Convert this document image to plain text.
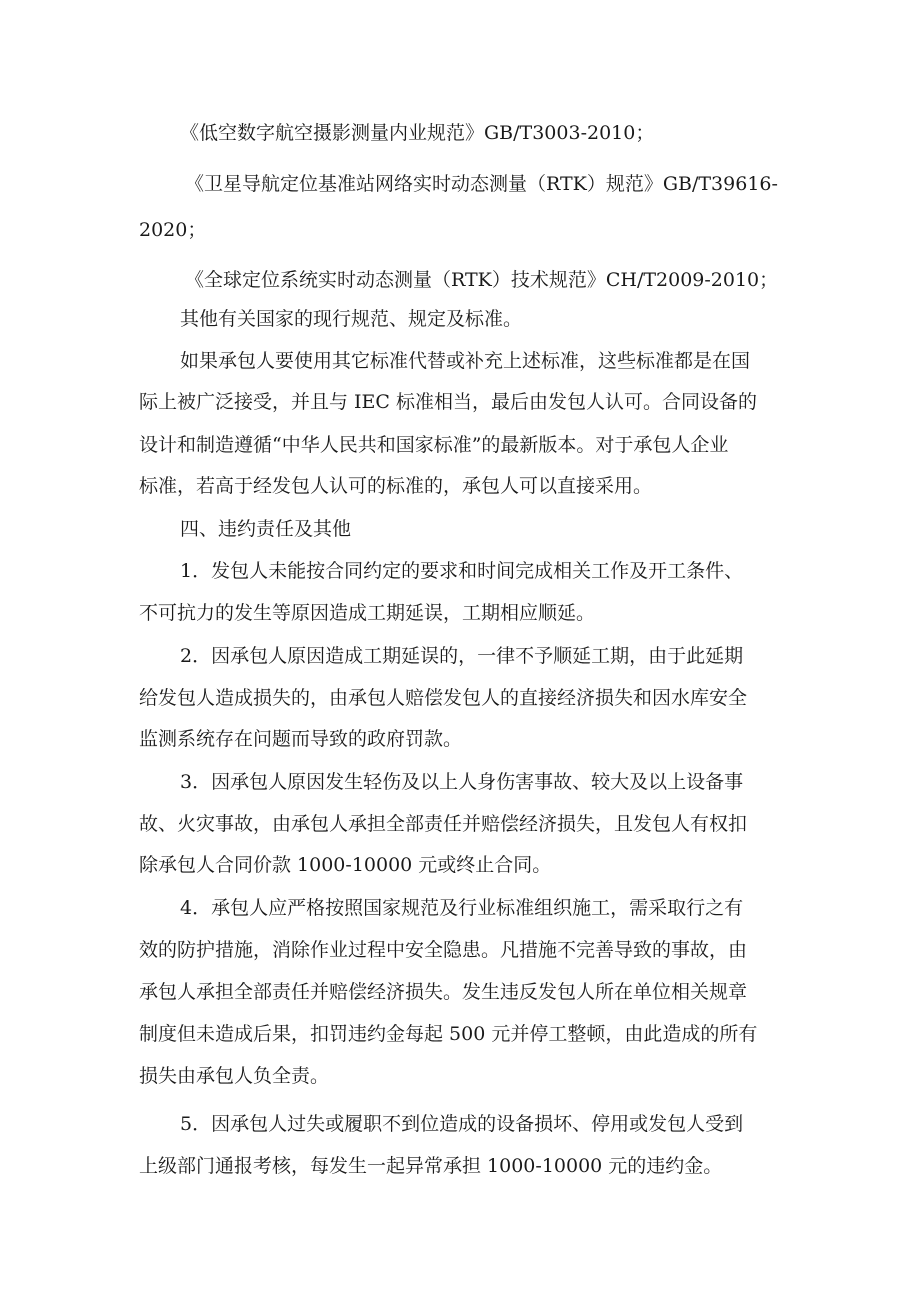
《低空数字航空摄影测量内业规范》GB/T3003-2010；
《卫星导航定位基准站网络实时动态测量（RTK）规范》GB/T39616-
2020；
《全球定位系统实时动态测量（RTK）技术规范》CH/T2009-2010；
其他有关国家的现行规范、规定及标准。
如果承包人要使用其它标准代替或补充上述标准，这些标准都是在国
际上被广泛接受，并且与 IEC 标准相当，最后由发包人认可。合同设备的
设计和制造遵循“中华人民共和国家标准”的最新版本。对于承包人企业
标准，若高于经发包人认可的标准的，承包人可以直接采用。
四、违约责任及其他
1．发包人未能按合同约定的要求和时间完成相关工作及开工条件、
不可抗力的发生等原因造成工期延误，工期相应顺延。
2．因承包人原因造成工期延误的，一律不予顺延工期，由于此延期
给发包人造成损失的，由承包人赔偿发包人的直接经济损失和因水库安全
监测系统存在问题而导致的政府罚款。
3．因承包人原因发生轻伤及以上人身伤害事故、较大及以上设备事
故、火灾事故，由承包人承担全部责任并赔偿经济损失，且发包人有权扣
除承包人合同价款 1000-10000 元或终止合同。
4．承包人应严格按照国家规范及行业标准组织施工，需采取行之有
效的防护措施，消除作业过程中安全隐患。凡措施不完善导致的事故，由
承包人承担全部责任并赔偿经济损失。发生违反发包人所在单位相关规章
制度但未造成后果，扣罚违约金每起 500 元并停工整顿，由此造成的所有
损失由承包人负全责。
5．因承包人过失或履职不到位造成的设备损坏、停用或发包人受到
上级部门通报考核，每发生一起异常承担 1000-10000 元的违约金。
